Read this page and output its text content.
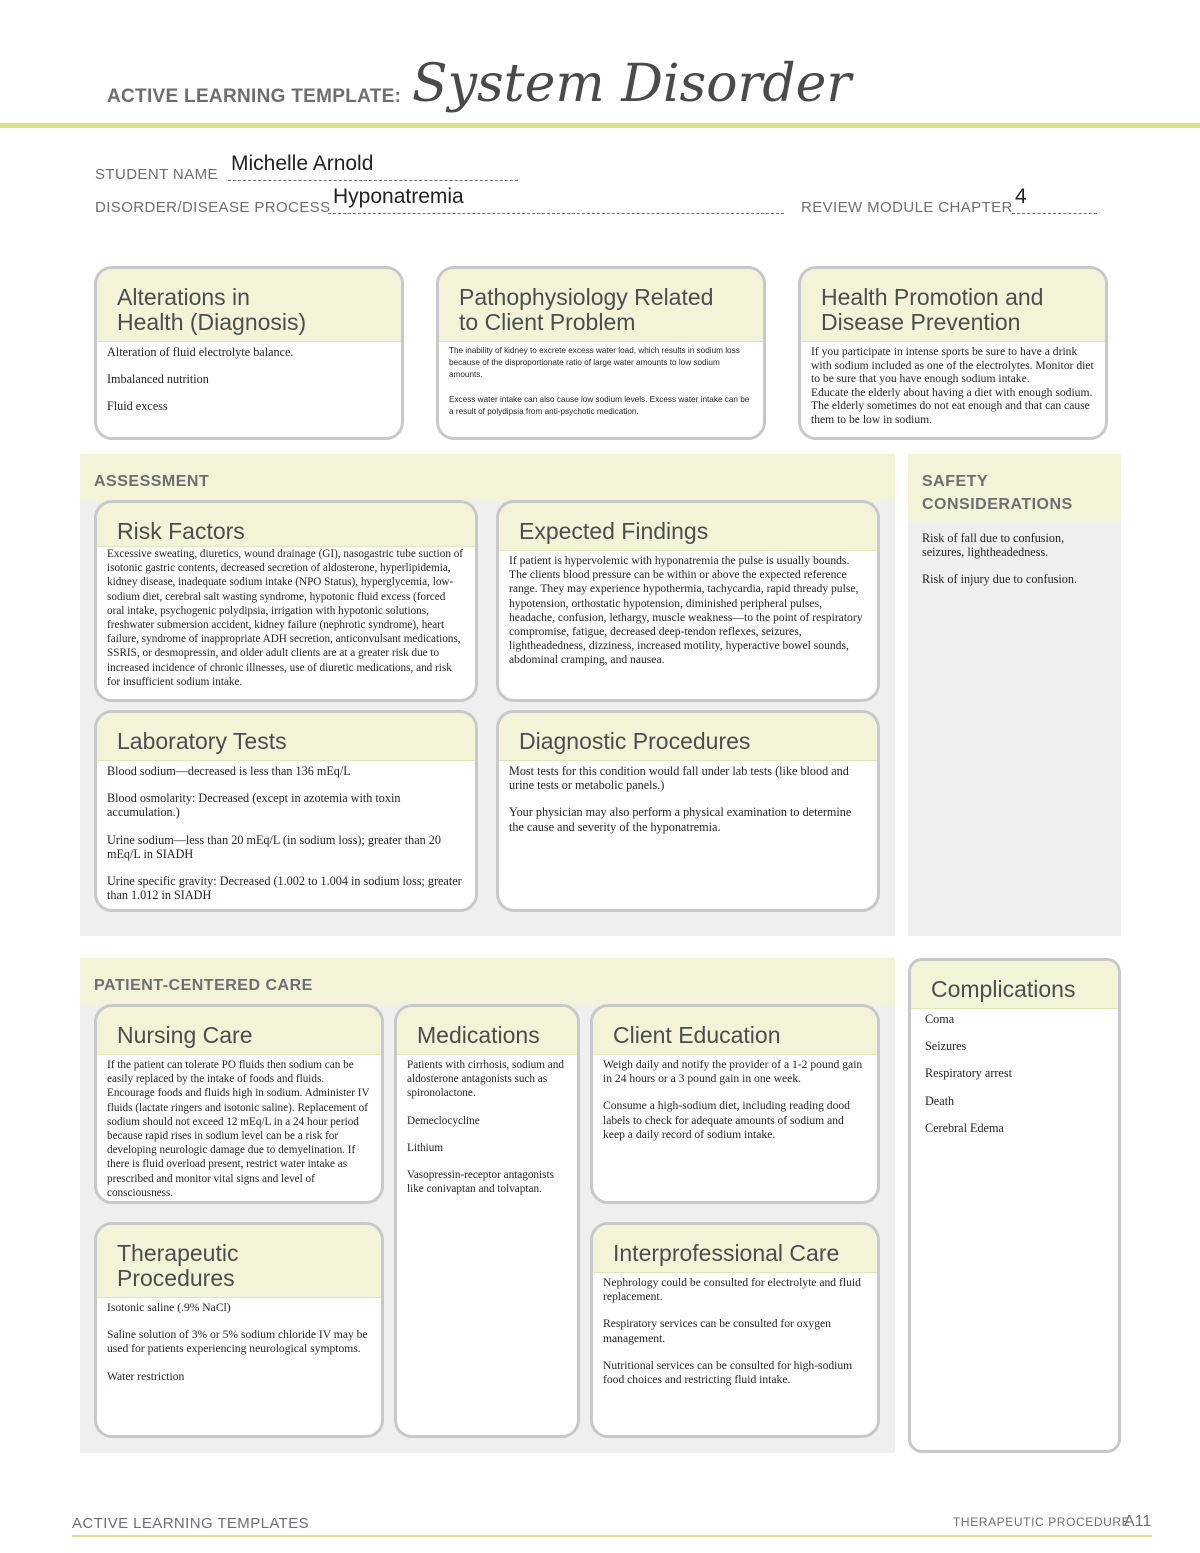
ACTIVE LEARNING TEMPLATE: System Disorder
STUDENT NAME Michelle Arnold
DISORDER/DISEASE PROCESS Hyponatremia	REVIEW MODULE CHAPTER 4
Alterations in
Health (Diagnosis)

Alteration of fluid electrolyte balance.

Imbalanced nutrition

Fluid excess

Pathophysiology Related
to Client Problem

The inability of kidney to excrete excess water load, which results in sodium loss because of the disproportionate ratio of large water amounts to low sodium amounts.

Excess water intake can also cause low sodium levels. Excess water intake can be a result of polydipsia from anti-psychotic medication.

Health Promotion and
Disease Prevention
If you participate in intense sports be sure to have a drink with sodium included as one of the electrolytes. Monitor diet to be sure that you have enough sodium intake.
Educate the elderly about having a diet with enough sodium. The elderly sometimes do not eat enough and that can cause them to be low in sodium.
ASSESSMENT
Risk Factors
Excessive sweating, diuretics, wound drainage (GI), nasogastric tube suction of isotonic gastric contents, decreased secretion of aldosterone, hyperlipidemia, kidney disease, inadequate sodium intake (NPO Status), hyperglycemia, low-sodium diet, cerebral salt wasting syndrome, hypotonic fluid excess (forced oral intake, psychogenic polydipsia, irrigation with hypotonic solutions, freshwater submersion accident, kidney failure (nephrotic syndrome), heart failure, syndrome of inappropriate ADH secretion, anticonvulsant medications, SSRIS, or desmopressin, and older adult clients are at a greater risk due to increased incidence of chronic illnesses, use of diuretic medications, and risk for insufficient sodium intake.
Expected Findings
If patient is hypervolemic with hyponatremia the pulse is usually bounds. The clients blood pressure can be within or above the expected reference range. They may experience hypothermia, tachycardia, rapid thready pulse, hypotension, orthostatic hypotension, diminished peripheral pulses, headache, confusion, lethargy, muscle weakness—to the point of respiratory compromise, fatigue, decreased deep-tendon reflexes, seizures, lightheadedness, dizziness, increased motility, hyperactive bowel sounds, abdominal cramping, and nausea.
Laboratory Tests

Blood sodium—decreased is less than 136 mEq/L

Blood osmolarity: Decreased (except in azotemia with toxin accumulation.)

Urine sodium—less than 20 mEq/L (in sodium loss); greater than 20 mEq/L in SIADH

Urine specific gravity: Decreased (1.002 to 1.004 in sodium loss; greater than 1.012 in SIADH

Diagnostic Procedures

Most tests for this condition would fall under lab tests (like blood and urine tests or metabolic panels.)

Your physician may also perform a physical examination to determine the cause and severity of the hyponatremia.

SAFETY
CONSIDERATIONS

Risk of fall due to confusion, seizures, lightheadedness.

Risk of injury due to confusion.

PATIENT-CENTERED CARE
Nursing Care
If the patient can tolerate PO fluids then sodium can be easily replaced by the intake of foods and fluids. Encourage foods and fluids high in sodium. Administer IV fluids (lactate ringers and isotonic saline). Replacement of sodium should not exceed 12 mEq/L in a 24 hour period because rapid rises in sodium level can be a risk for developing neurologic damage due to demyelination. If there is fluid overload present, restrict water intake as prescribed and monitor vital signs and level of consciousness.
Medications

Patients with cirrhosis, sodium and aldosterone antagonists such as spironolactone.

Demeclocycline

Lithium

Vasopressin-receptor antagonists like conivaptan and tolvaptan.

Client Education

Weigh daily and notify the provider of a 1-2 pound gain in 24 hours or a 3 pound gain in one week.

Consume a high-sodium diet, including reading dood labels to check for adequate amounts of sodium and keep a daily record of sodium intake.

Therapeutic Procedures

Isotonic saline (.9% NaCl)

Saline solution of 3% or 5% sodium chloride IV may be used for patients experiencing neurological symptoms.

Water restriction

Interprofessional Care

Nephrology could be consulted for electrolyte and fluid replacement.

Respiratory services can be consulted for oxygen management.

Nutritional services can be consulted for high-sodium food choices and restricting fluid intake.

Complications

Coma

Seizures

Respiratory arrest

Death

Cerebral Edema

ACTIVE LEARNING TEMPLATES	THERAPEUTIC PROCEDURE
A11
